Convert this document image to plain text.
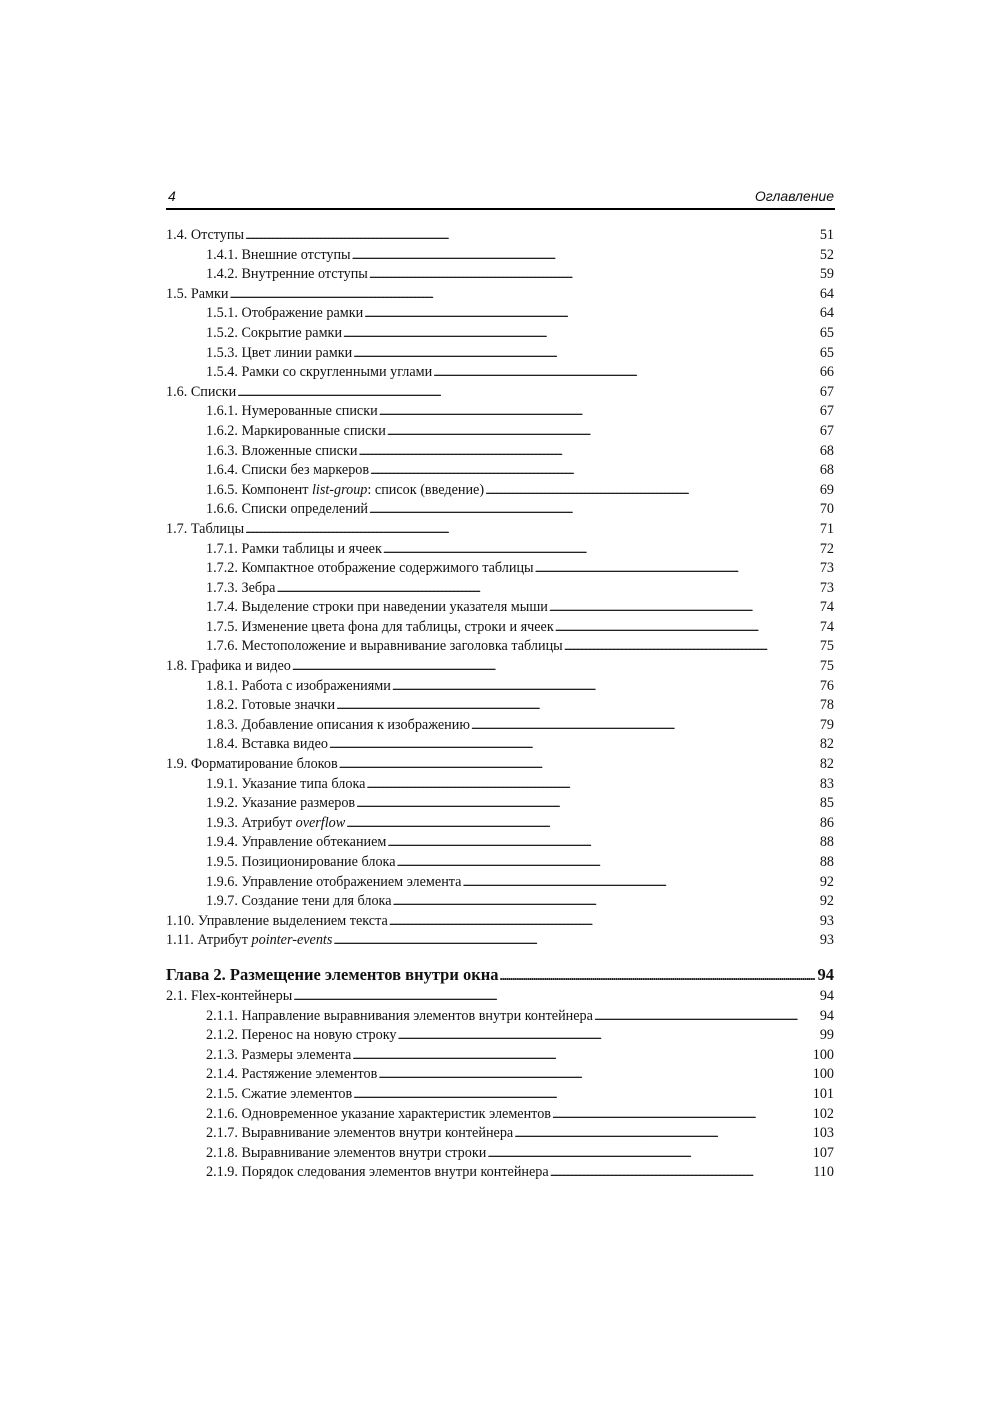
4	Оглавление
1.4. Отступы . . .	51
1.4.1. Внешние отступы . . .	52
1.4.2. Внутренние отступы . . .	59
1.5. Рамки . . .	64
1.5.1. Отображение рамки . . .	64
1.5.2. Сокрытие рамки . . .	65
1.5.3. Цвет линии рамки . . .	65
1.5.4. Рамки со скругленными углами . . .	66
1.6. Списки . . .	67
1.6.1. Нумерованные списки . . .	67
1.6.2. Маркированные списки . . .	67
1.6.3. Вложенные списки . . .	68
1.6.4. Списки без маркеров . . .	68
1.6.5. Компонент list-group: список (введение) . . .	69
1.6.6. Списки определений . . .	70
1.7. Таблицы . . .	71
1.7.1. Рамки таблицы и ячеек . . .	72
1.7.2. Компактное отображение содержимого таблицы . . .	73
1.7.3. Зебра . . .	73
1.7.4. Выделение строки при наведении указателя мыши . . .	74
1.7.5. Изменение цвета фона для таблицы, строки и ячеек . . .	74
1.7.6. Местоположение и выравнивание заголовка таблицы . . .	75
1.8. Графика и видео . . .	75
1.8.1. Работа с изображениями . . .	76
1.8.2. Готовые значки . . .	78
1.8.3. Добавление описания к изображению . . .	79
1.8.4. Вставка видео . . .	82
1.9. Форматирование блоков . . .	82
1.9.1. Указание типа блока . . .	83
1.9.2. Указание размеров . . .	85
1.9.3. Атрибут overflow . . .	86
1.9.4. Управление обтеканием . . .	88
1.9.5. Позиционирование блока . . .	88
1.9.6. Управление отображением элемента . . .	92
1.9.7. Создание тени для блока . . .	92
1.10. Управление выделением текста . . .	93
1.11. Атрибут pointer-events . . .	93
Глава 2. Размещение элементов внутри окна . . .	94
2.1. Flex-контейнеры . . .	94
2.1.1. Направление выравнивания элементов внутри контейнера . . .	94
2.1.2. Перенос на новую строку . . .	99
2.1.3. Размеры элемента . . .	100
2.1.4. Растяжение элементов . . .	100
2.1.5. Сжатие элементов . . .	101
2.1.6. Одновременное указание характеристик элементов . . .	102
2.1.7. Выравнивание элементов внутри контейнера . . .	103
2.1.8. Выравнивание элементов внутри строки . . .	107
2.1.9. Порядок следования элементов внутри контейнера . . .	110
